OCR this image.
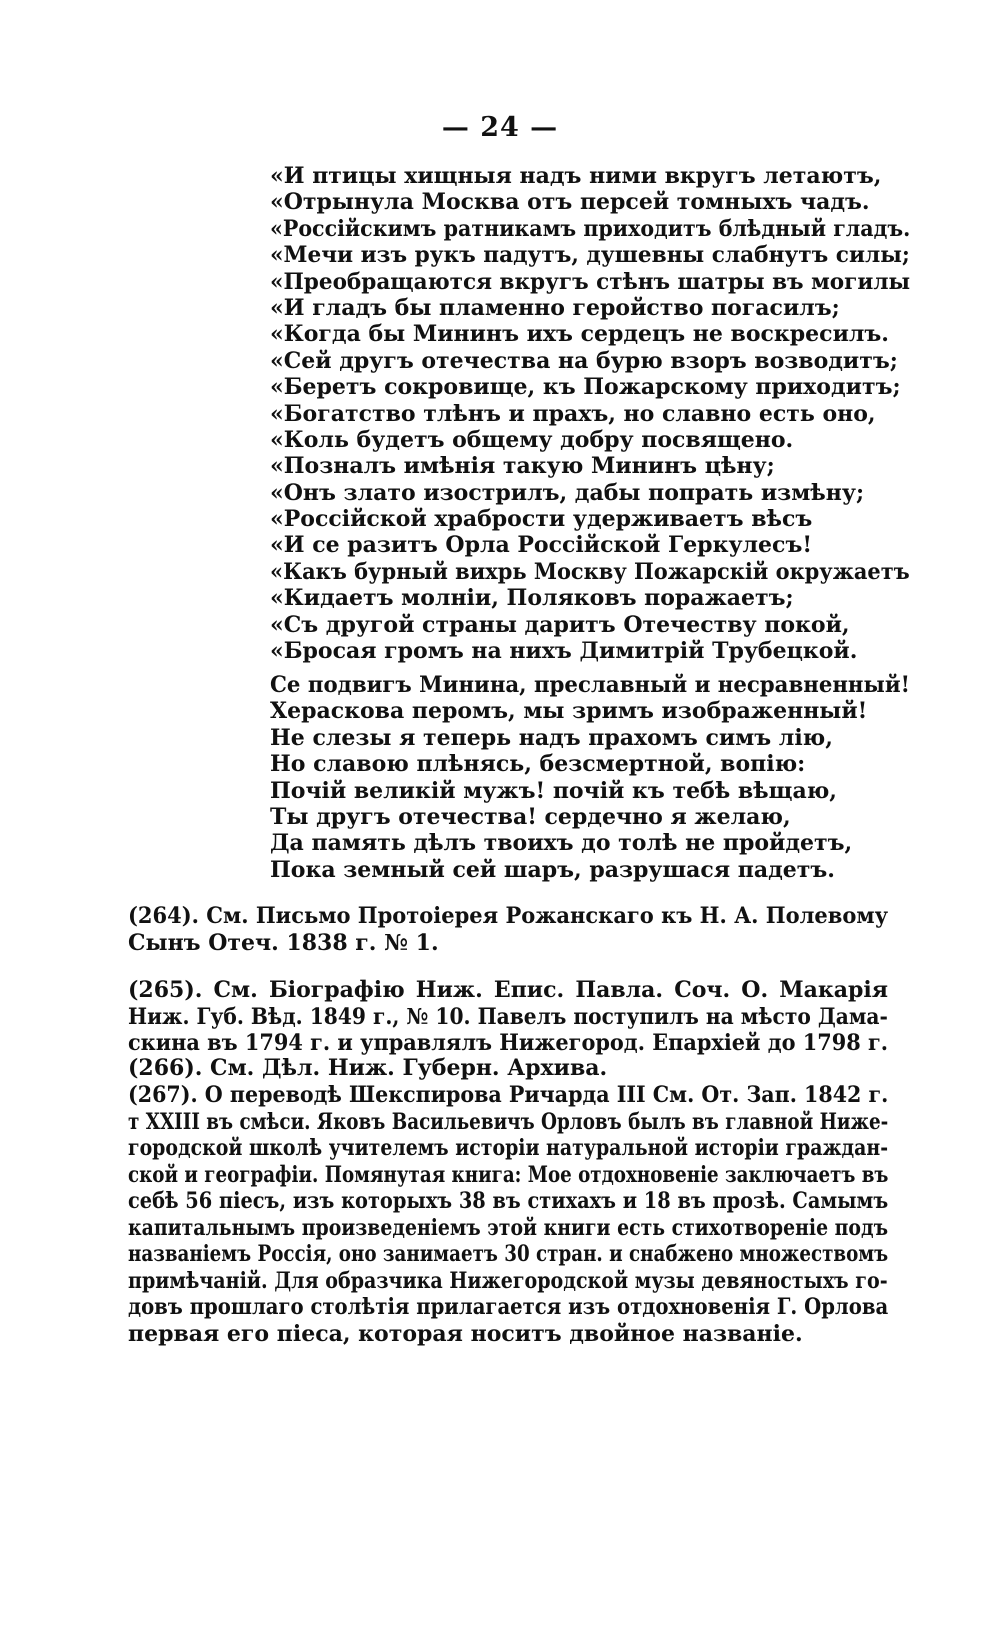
— 24 —
«И птицы хищныя надъ ними вкругъ летаютъ,
«Отрынула Москва отъ персей томныхъ чадъ.
«Россійскимъ ратникамъ приходитъ блѣдный гладъ.
«Мечи изъ рукъ падутъ, душевны слабнутъ силы;
«Преобращаются вкругъ стѣнъ шатры въ могилы
«И гладъ бы пламенно геройство погасилъ;
«Когда бы Мининъ ихъ сердецъ не воскресилъ.
«Сей другъ отечества на бурю взоръ возводитъ;
«Беретъ сокровище, къ Пожарскому приходитъ;
«Богатство тлѣнъ и прахъ, но славно есть оно,
«Коль будетъ общему добру посвящено.
«Позналъ имѣнія такую Мининъ цѣну;
«Онъ злато изострилъ, дабы попрать измѣну;
«Россійской храбрости удерживаетъ вѣсъ
«И се разитъ Орла Россійской Геркулесъ!
«Какъ бурный вихрь Москву Пожарскій окружаетъ
«Кидаетъ молніи, Поляковъ поражаетъ;
«Съ другой страны даритъ Отечеству покой,
«Бросая громъ на нихъ Димитрій Трубецкой.
Се подвигъ Минина, преславный и несравненный!
Хераскова перомъ, мы зримъ изображенный!
Не слезы я теперь надъ прахомъ симъ лію,
Но славою плѣнясь, безсмертной, вопію:
Почій великій мужъ! почій къ тебѣ вѣщаю,
Ты другъ отечества! сердечно я желаю,
Да память дѣлъ твоихъ до толѣ не пройдетъ,
Пока земный сей шаръ, разрушася падетъ.
(264). См. Письмо Протоіерея Рожанскаго къ Н. А. Полевому
Сынъ Отеч. 1838 г. № 1.
(265). См. Біографію Ниж. Епис. Павла. Соч. О. Макарія
Ниж. Губ. Вѣд. 1849 г., № 10. Павелъ поступилъ на мѣсто Дама-
скина въ 1794 г. и управлялъ Нижегород. Епархіей до 1798 г.
(266). См. Дѣл. Ниж. Губерн. Архива.
(267). О переводѣ Шекспирова Ричарда III См. От. Зап. 1842 г.
т XXIII въ смѣси. Яковъ Васильевичъ Орловъ былъ въ главной Ниже-
городской школѣ учителемъ исторіи натуральной исторіи граждан-
ской и географіи. Помянутая книга: Мое отдохновеніе заключаетъ въ
себѣ 56 піесъ, изъ которыхъ 38 въ стихахъ и 18 въ прозѣ. Самымъ
капитальнымъ произведеніемъ этой книги есть стихотвореніе подъ
названіемъ Россія, оно занимаетъ 30 стран. и снабжено множествомъ
примѣчаній. Для образчика Нижегородской музы девяностыхъ го-
довъ прошлаго столѣтія прилагается изъ отдохновенія Г. Орлова
первая его піеса, которая носитъ двойное названіе.
